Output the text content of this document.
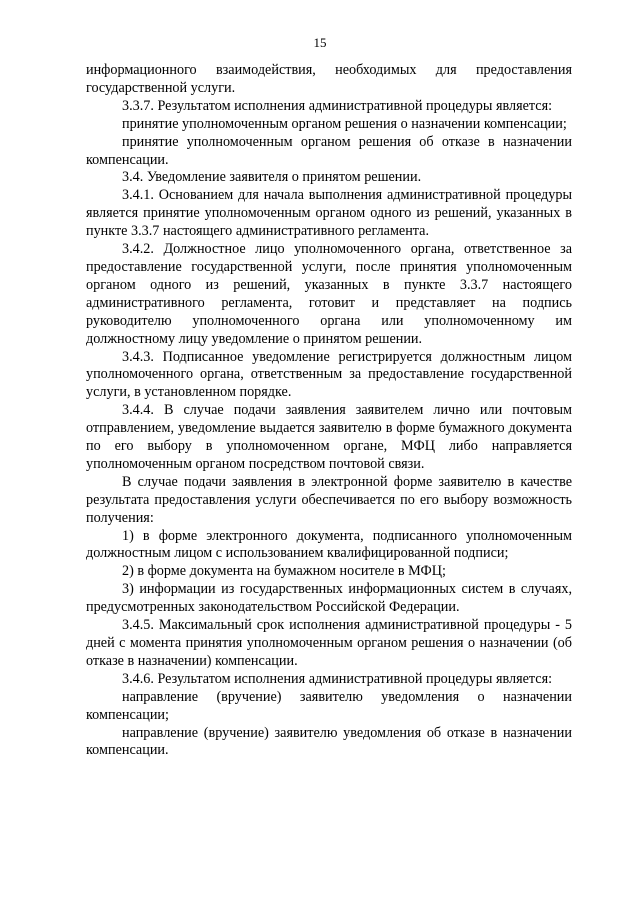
15

информационного взаимодействия, необходимых для предоставления государственной услуги.

3.3.7. Результатом исполнения административной процедуры является:

принятие уполномоченным органом решения о назначении компенсации;

принятие уполномоченным органом решения об отказе в назначении компенсации.

3.4. Уведомление заявителя о принятом решении.

3.4.1. Основанием для начала выполнения административной процедуры является принятие уполномоченным органом одного из решений, указанных в пункте 3.3.7 настоящего административного регламента.

3.4.2. Должностное лицо уполномоченного органа, ответственное за предоставление государственной услуги, после принятия уполномоченным органом одного из решений, указанных в пункте 3.3.7 настоящего административного регламента, готовит и представляет на подпись руководителю уполномоченного органа или уполномоченному им должностному лицу уведомление о принятом решении.

3.4.3. Подписанное уведомление регистрируется должностным лицом уполномоченного органа, ответственным за предоставление государственной услуги, в установленном порядке.

3.4.4. В случае подачи заявления заявителем лично или почтовым отправлением, уведомление выдается заявителю в форме бумажного документа по его выбору в уполномоченном органе, МФЦ либо направляется уполномоченным органом посредством почтовой связи.

В случае подачи заявления в электронной форме заявителю в качестве результата предоставления услуги обеспечивается по его выбору возможность получения:

1) в форме электронного документа, подписанного уполномоченным должностным лицом с использованием квалифицированной подписи;

2) в форме документа на бумажном носителе в МФЦ;

3) информации из государственных информационных систем в случаях, предусмотренных законодательством Российской Федерации.

3.4.5. Максимальный срок исполнения административной процедуры - 5 дней с момента принятия уполномоченным органом решения о назначении (об отказе в назначении) компенсации.

3.4.6. Результатом исполнения административной процедуры является:

направление (вручение) заявителю уведомления о назначении компенсации;

направление (вручение) заявителю уведомления об отказе в назначении компенсации.
